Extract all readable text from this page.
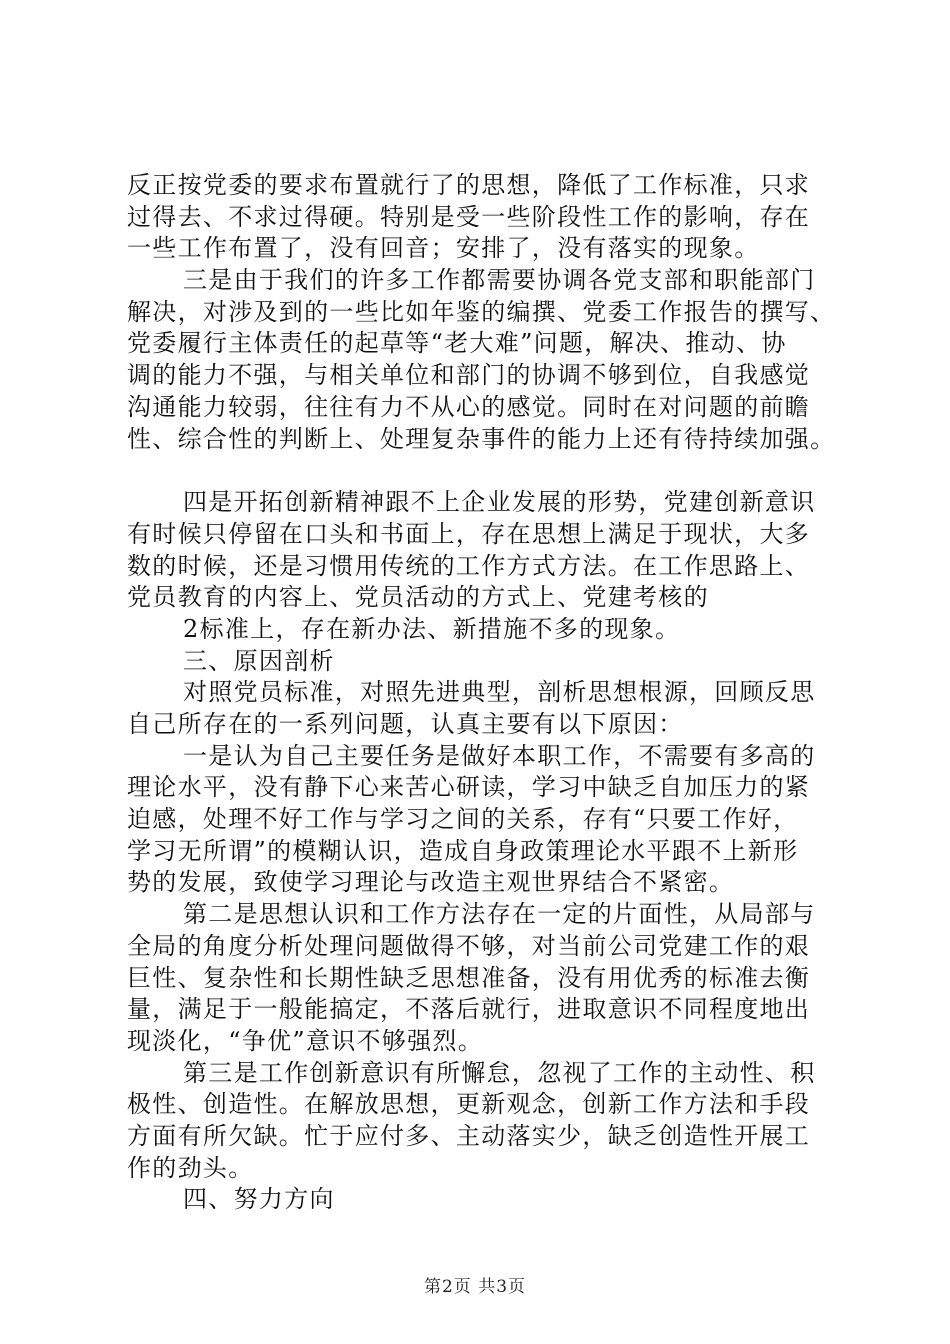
反正按党委的要求布置就行了的思想，降低了工作标准，只求
过得去、不求过得硬。特别是受一些阶段性工作的影响，存在
一些工作布置了，没有回音；安排了，没有落实的现象。
三是由于我们的许多工作都需要协调各党支部和职能部门
解决，对涉及到的一些比如年鉴的编撰、党委工作报告的撰写、
党委履行主体责任的起草等“老大难”问题，解决、推动、协
调的能力不强，与相关单位和部门的协调不够到位，自我感觉
沟通能力较弱，往往有力不从心的感觉。同时在对问题的前瞻
性、综合性的判断上、处理复杂事件的能力上还有待持续加强。
四是开拓创新精神跟不上企业发展的形势，党建创新意识
有时候只停留在口头和书面上，存在思想上满足于现状，大多
数的时候，还是习惯用传统的工作方式方法。在工作思路上、
党员教育的内容上、党员活动的方式上、党建考核的
2标准上，存在新办法、新措施不多的现象。
三、原因剖析
对照党员标准，对照先进典型，剖析思想根源，回顾反思
自己所存在的一系列问题，认真主要有以下原因：
一是认为自己主要任务是做好本职工作，不需要有多高的
理论水平，没有静下心来苦心研读，学习中缺乏自加压力的紧
迫感，处理不好工作与学习之间的关系，存有“只要工作好，
学习无所谓”的模糊认识，造成自身政策理论水平跟不上新形
势的发展，致使学习理论与改造主观世界结合不紧密。
第二是思想认识和工作方法存在一定的片面性，从局部与
全局的角度分析处理问题做得不够，对当前公司党建工作的艰
巨性、复杂性和长期性缺乏思想准备，没有用优秀的标准去衡
量，满足于一般能搞定，不落后就行，进取意识不同程度地出
现淡化，“争优”意识不够强烈。
第三是工作创新意识有所懈怠，忽视了工作的主动性、积
极性、创造性。在解放思想，更新观念，创新工作方法和手段
方面有所欠缺。忙于应付多、主动落实少，缺乏创造性开展工
作的劲头。
四、努力方向
第2页 共3页
